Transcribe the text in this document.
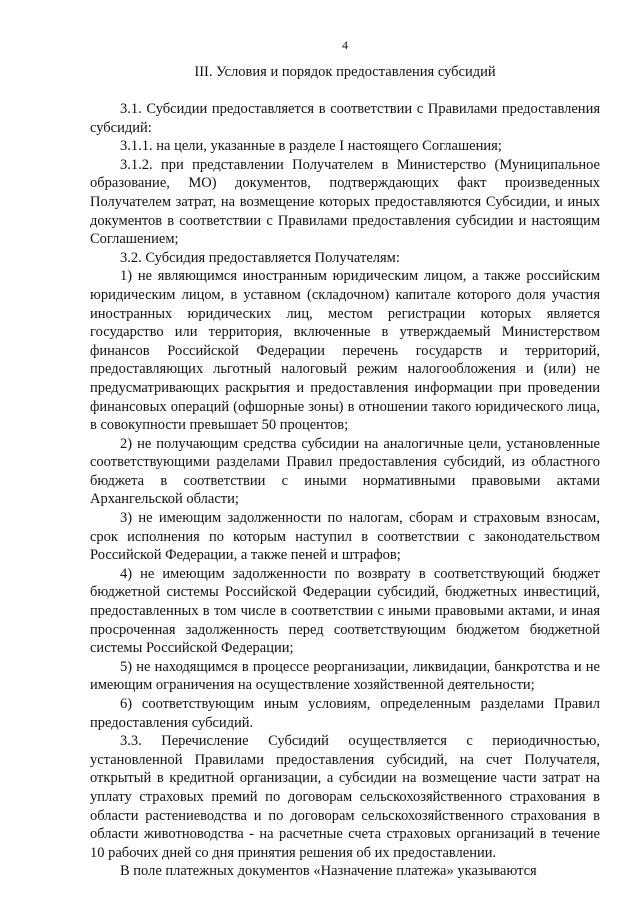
4
III. Условия и порядок предоставления субсидий

3.1. Субсидии предоставляется в соответствии с Правилами предоставления субсидий:

3.1.1. на цели, указанные в разделе I настоящего Соглашения;

3.1.2. при представлении Получателем в Министерство (Муниципальное образование, МО) документов, подтверждающих факт произведенных Получателем затрат, на возмещение которых предоставляются Субсидии, и иных документов в соответствии с Правилами предоставления субсидии и настоящим Соглашением;

3.2. Субсидия предоставляется Получателям:

1) не являющимся иностранным юридическим лицом, а также российским юридическим лицом, в уставном (складочном) капитале которого доля участия иностранных юридических лиц, местом регистрации которых является государство или территория, включенные в утверждаемый Министерством финансов Российской Федерации перечень государств и территорий, предоставляющих льготный налоговый режим налогообложения и (или) не предусматривающих раскрытия и предоставления информации при проведении финансовых операций (офшорные зоны) в отношении такого юридического лица, в совокупности превышает 50 процентов;

2) не получающим средства субсидии на аналогичные цели, установленные соответствующими разделами Правил предоставления субсидий, из областного бюджета в соответствии с иными нормативными правовыми актами Архангельской области;

3) не имеющим задолженности по налогам, сборам и страховым взносам, срок исполнения по которым наступил в соответствии с законодательством Российской Федерации, а также пеней и штрафов;

4) не имеющим задолженности по возврату в соответствующий бюджет бюджетной системы Российской Федерации субсидий, бюджетных инвестиций, предоставленных в том числе в соответствии с иными правовыми актами, и иная просроченная задолженность перед соответствующим бюджетом бюджетной системы Российской Федерации;

5) не находящимся в процессе реорганизации, ликвидации, банкротства и не имеющим ограничения на осуществление хозяйственной деятельности;

6) соответствующим иным условиям, определенным разделами Правил предоставления субсидий.

3.3. Перечисление Субсидий осуществляется с периодичностью, установленной Правилами предоставления субсидий, на счет Получателя, открытый в кредитной организации, а субсидии на возмещение части затрат на уплату страховых премий по договорам сельскохозяйственного страхования в области растениеводства и по договорам сельскохозяйственного страхования в области животноводства - на расчетные счета страховых организаций в течение 10 рабочих дней со дня принятия решения об их предоставлении.

В поле платежных документов «Назначение платежа» указываются
